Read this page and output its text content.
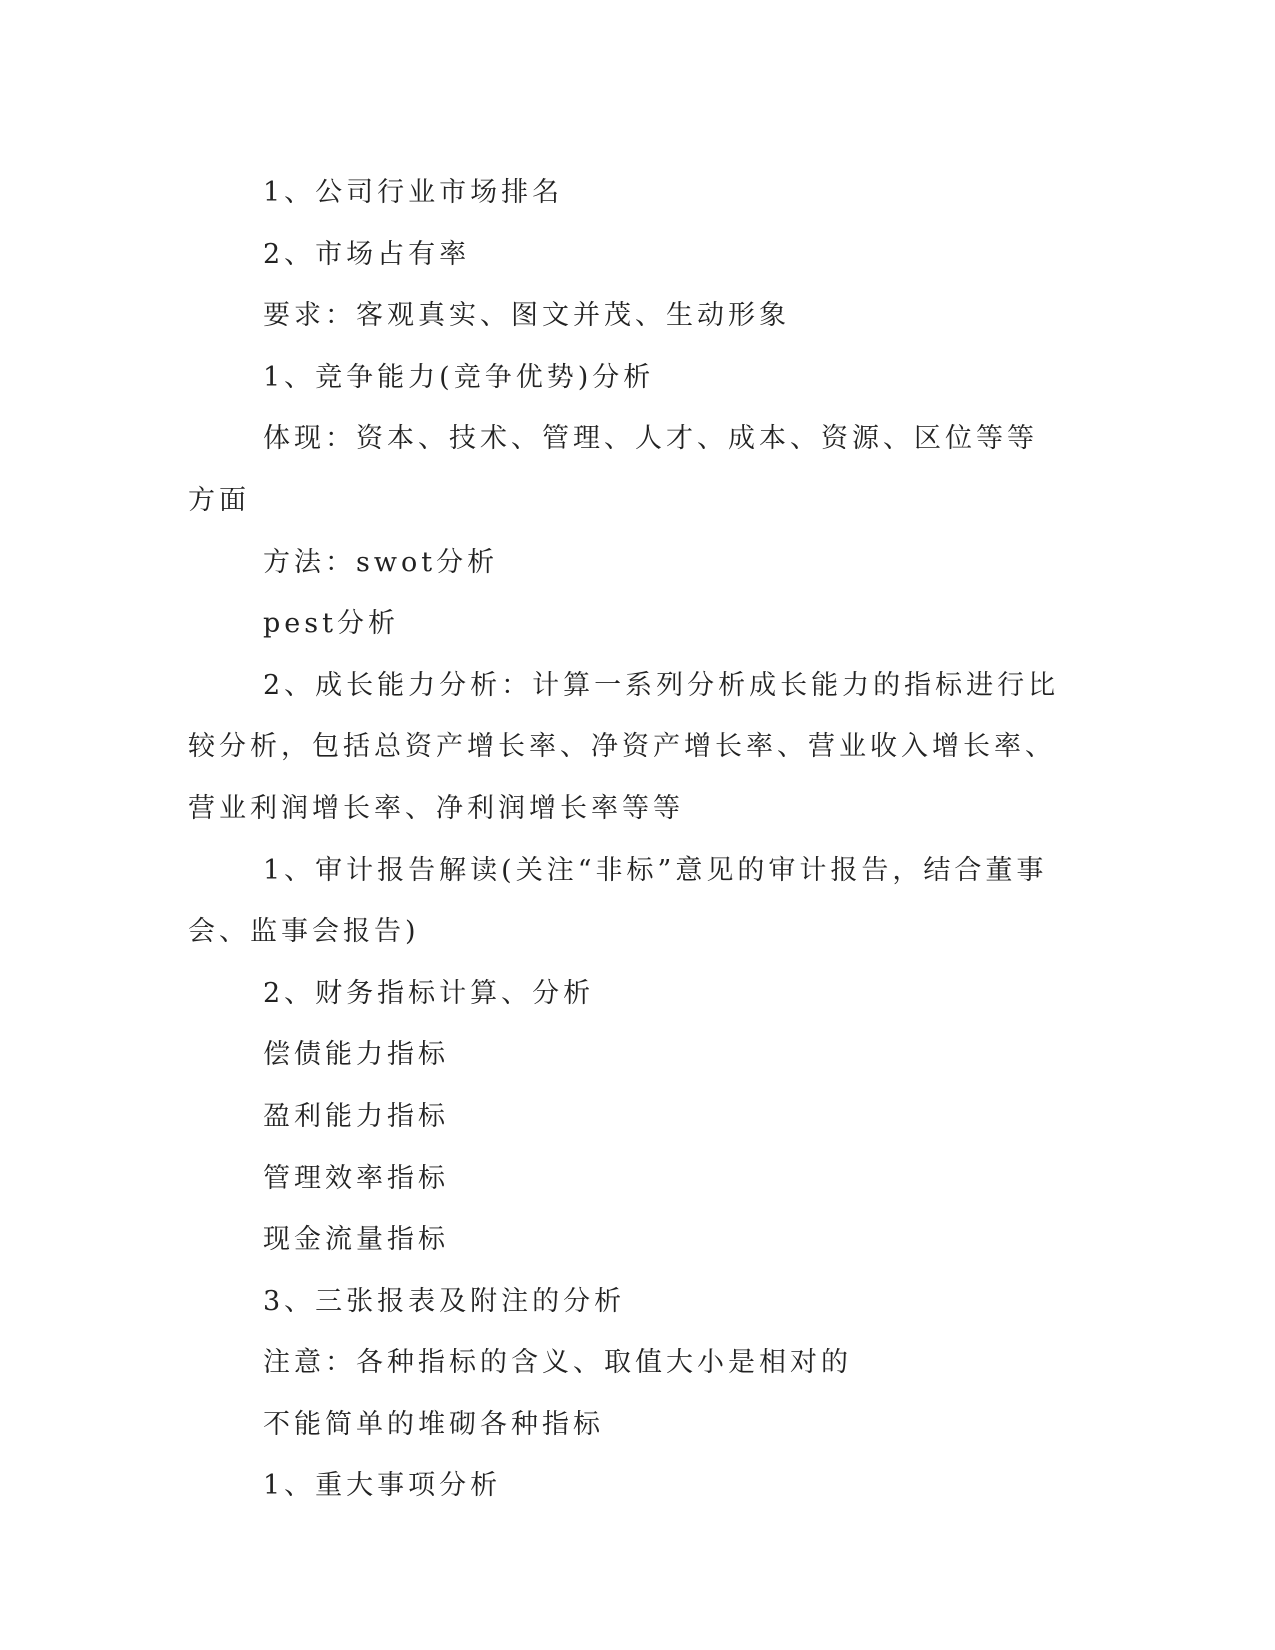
1、公司行业市场排名

2、市场占有率

要求：客观真实、图文并茂、生动形象

1、竞争能力(竞争优势)分析

体现：资本、技术、管理、人才、成本、资源、区位等等方面

方法：swot分析

pest分析

2、成长能力分析：计算一系列分析成长能力的指标进行比较分析，包括总资产增长率、净资产增长率、营业收入增长率、营业利润增长率、净利润增长率等等

1、审计报告解读(关注“非标”意见的审计报告，结合董事会、监事会报告)

2、财务指标计算、分析

偿债能力指标

盈利能力指标

管理效率指标

现金流量指标

3、三张报表及附注的分析

注意：各种指标的含义、取值大小是相对的

不能简单的堆砌各种指标

1、重大事项分析
